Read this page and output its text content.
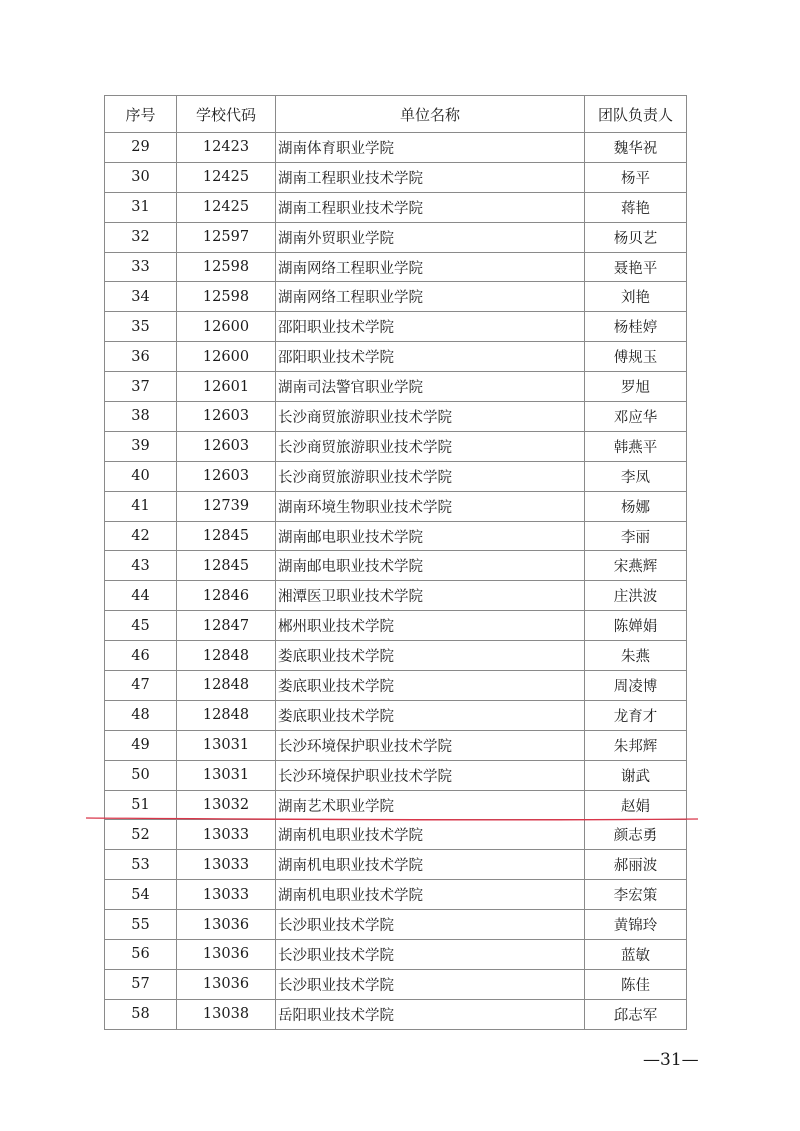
序号	学校代码	单位名称	团队负责人
29	12423	湖南体育职业学院	魏华祝
30	12425	湖南工程职业技术学院	杨平
31	12425	湖南工程职业技术学院	蒋艳
32	12597	湖南外贸职业学院	杨贝艺
33	12598	湖南网络工程职业学院	聂艳平
34	12598	湖南网络工程职业学院	刘艳
35	12600	邵阳职业技术学院	杨桂婷
36	12600	邵阳职业技术学院	傅规玉
37	12601	湖南司法警官职业学院	罗旭
38	12603	长沙商贸旅游职业技术学院	邓应华
39	12603	长沙商贸旅游职业技术学院	韩燕平
40	12603	长沙商贸旅游职业技术学院	李凤
41	12739	湖南环境生物职业技术学院	杨娜
42	12845	湖南邮电职业技术学院	李丽
43	12845	湖南邮电职业技术学院	宋燕辉
44	12846	湘潭医卫职业技术学院	庄洪波
45	12847	郴州职业技术学院	陈婵娟
46	12848	娄底职业技术学院	朱燕
47	12848	娄底职业技术学院	周凌博
48	12848	娄底职业技术学院	龙育才
49	13031	长沙环境保护职业技术学院	朱邦辉
50	13031	长沙环境保护职业技术学院	谢武
51	13032	湖南艺术职业学院	赵娟
52	13033	湖南机电职业技术学院	颜志勇
53	13033	湖南机电职业技术学院	郝丽波
54	13033	湖南机电职业技术学院	李宏策
55	13036	长沙职业技术学院	黄锦玲
56	13036	长沙职业技术学院	蓝敏
57	13036	长沙职业技术学院	陈佳
58	13038	岳阳职业技术学院	邱志军
—31—
